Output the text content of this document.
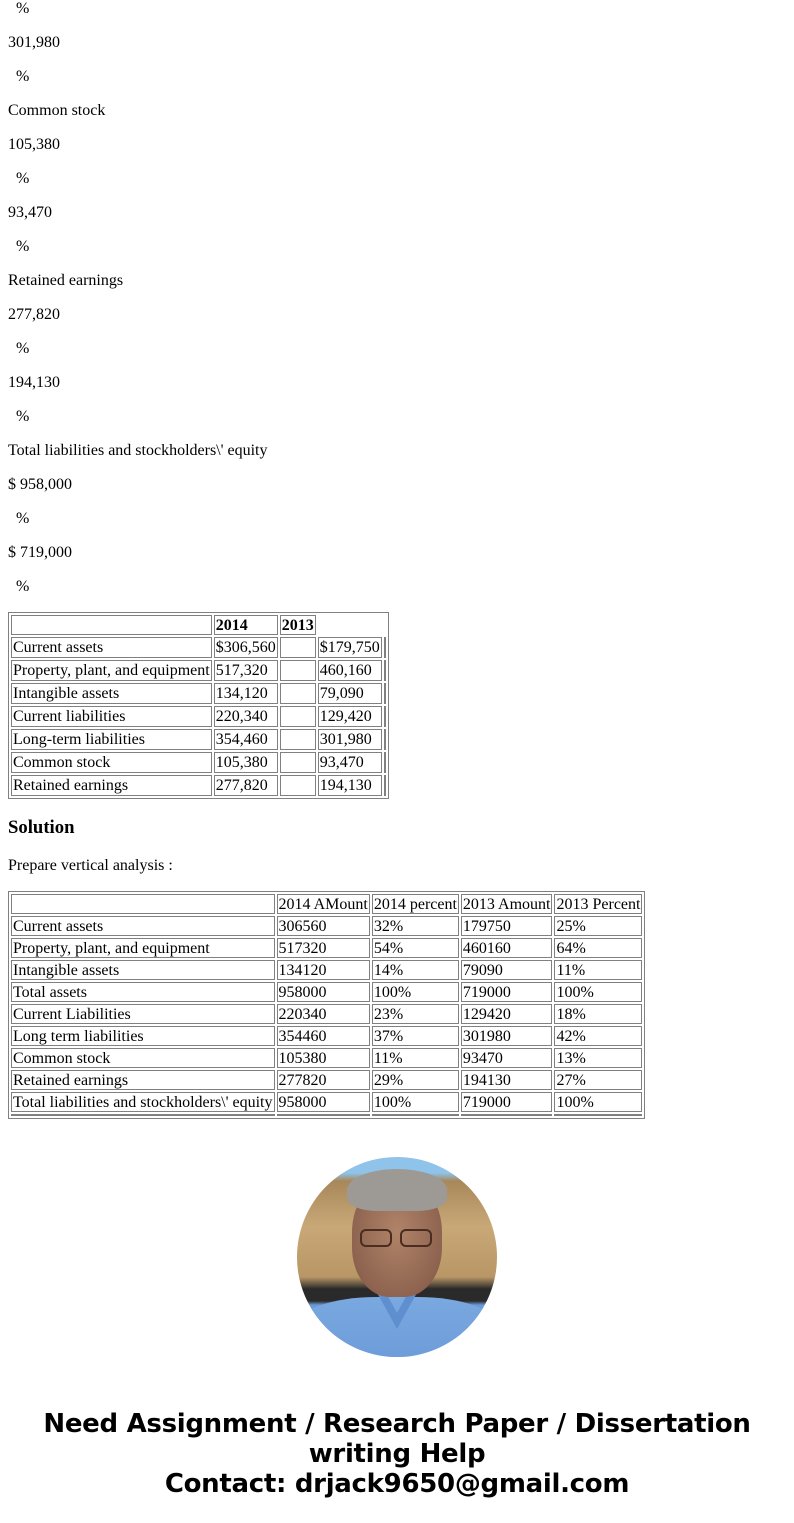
%

301,980

%

Common stock

105,380

%

93,470

%

Retained earnings

277,820

%

194,130

%

Total liabilities and stockholders\' equity

$ 958,000

%

$ 719,000

%

	2014	2013		
Current assets	$306,560		$179,750	
Property, plant, and equipment	517,320		460,160	
Intangible assets	134,120		79,090	
Current liabilities	220,340		129,420	
Long-term liabilities	354,460		301,980	
Common stock	105,380		93,470	
Retained earnings	277,820		194,130	
Solution

Prepare vertical analysis :

	2014 AMount	2014 percent	2013 Amount	2013 Percent
Current assets	306560	32%	179750	25%
Property, plant, and equipment	517320	54%	460160	64%
Intangible assets	134120	14%	79090	11%
Total assets	958000	100%	719000	100%
Current Liabilities	220340	23%	129420	18%
Long term liabilities	354460	37%	301980	42%
Common stock	105380	11%	93470	13%
Retained earnings	277820	29%	194130	27%
Total liabilities and stockholders\' equity	958000	100%	719000	100%

Need Assignment / Research Paper / Dissertation
writing Help
Contact: drjack9650@gmail.com
